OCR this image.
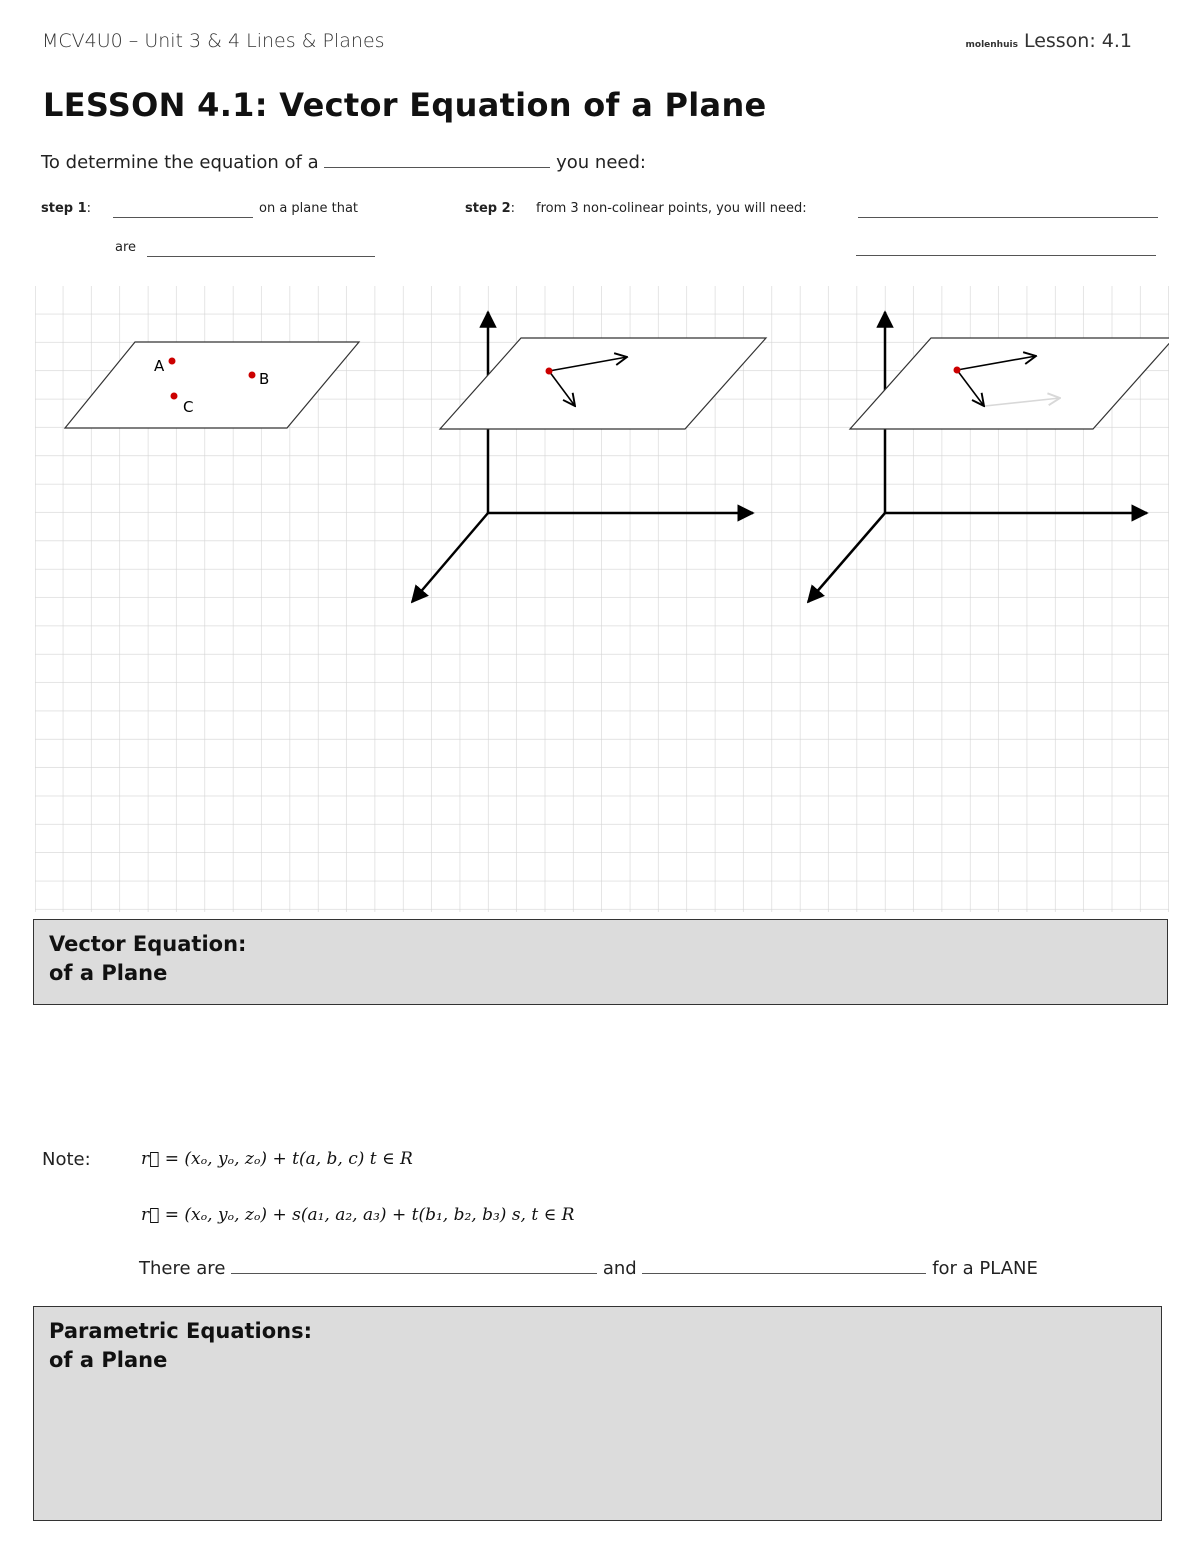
MCV4U0 – Unit 3 & 4 Lines & Planes	molenhuis Lesson: 4.1
LESSON 4.1: Vector Equation of a Plane
To determine the equation of a	you need:
step 1:	on a plane that
are
step 2: from 3 non-colinear points, you will need:
A
B
C
Vector Equation:
of a Plane
Note:	r⃗ = (xₒ, yₒ, zₒ) + t(a, b, c) t ∈ R
r⃗ = (xₒ, yₒ, zₒ) + s(a₁, a₂, a₃) + t(b₁, b₂, b₃) s, t ∈ R
There are	and	for a PLANE
Parametric Equations:
of a Plane
